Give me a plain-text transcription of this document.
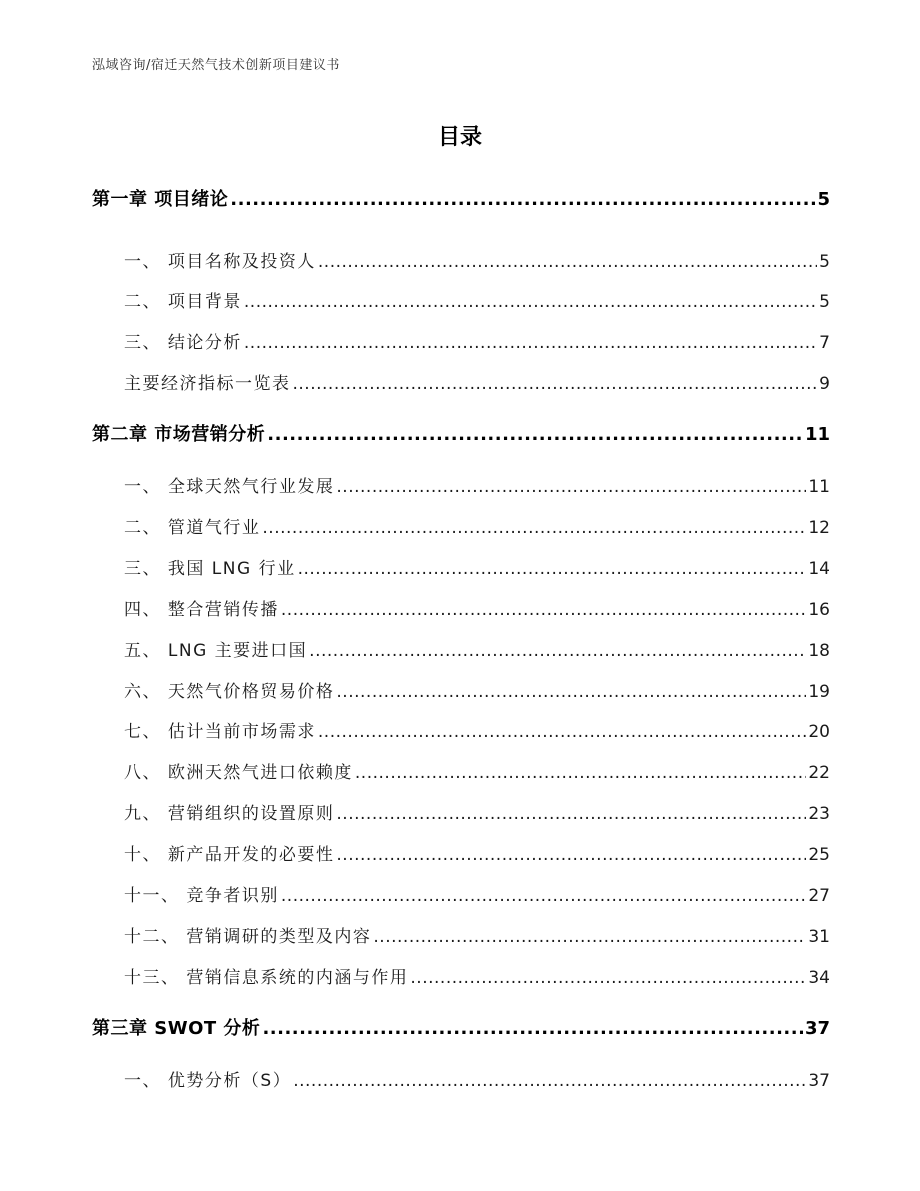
泓域咨询/宿迁天然气技术创新项目建议书
目录
第一章 项目绪论 .....	5
一、 项目名称及投资人 .....	5
二、 项目背景 .....	5
三、 结论分析 .....	7
主要经济指标一览表 .....	9
第二章 市场营销分析 .....	11
一、 全球天然气行业发展 .....	11
二、 管道气行业 .....	12
三、 我国 LNG 行业 .....	14
四、 整合营销传播 .....	16
五、 LNG 主要进口国 .....	18
六、 天然气价格贸易价格 .....	19
七、 估计当前市场需求 .....	20
八、 欧洲天然气进口依赖度 .....	22
九、 营销组织的设置原则 .....	23
十、 新产品开发的必要性 .....	25
十一、 竞争者识别 .....	27
十二、 营销调研的类型及内容 .....	31
十三、 营销信息系统的内涵与作用 .....	34
第三章 SWOT 分析 .....	37
一、 优势分析（S） .....	37
